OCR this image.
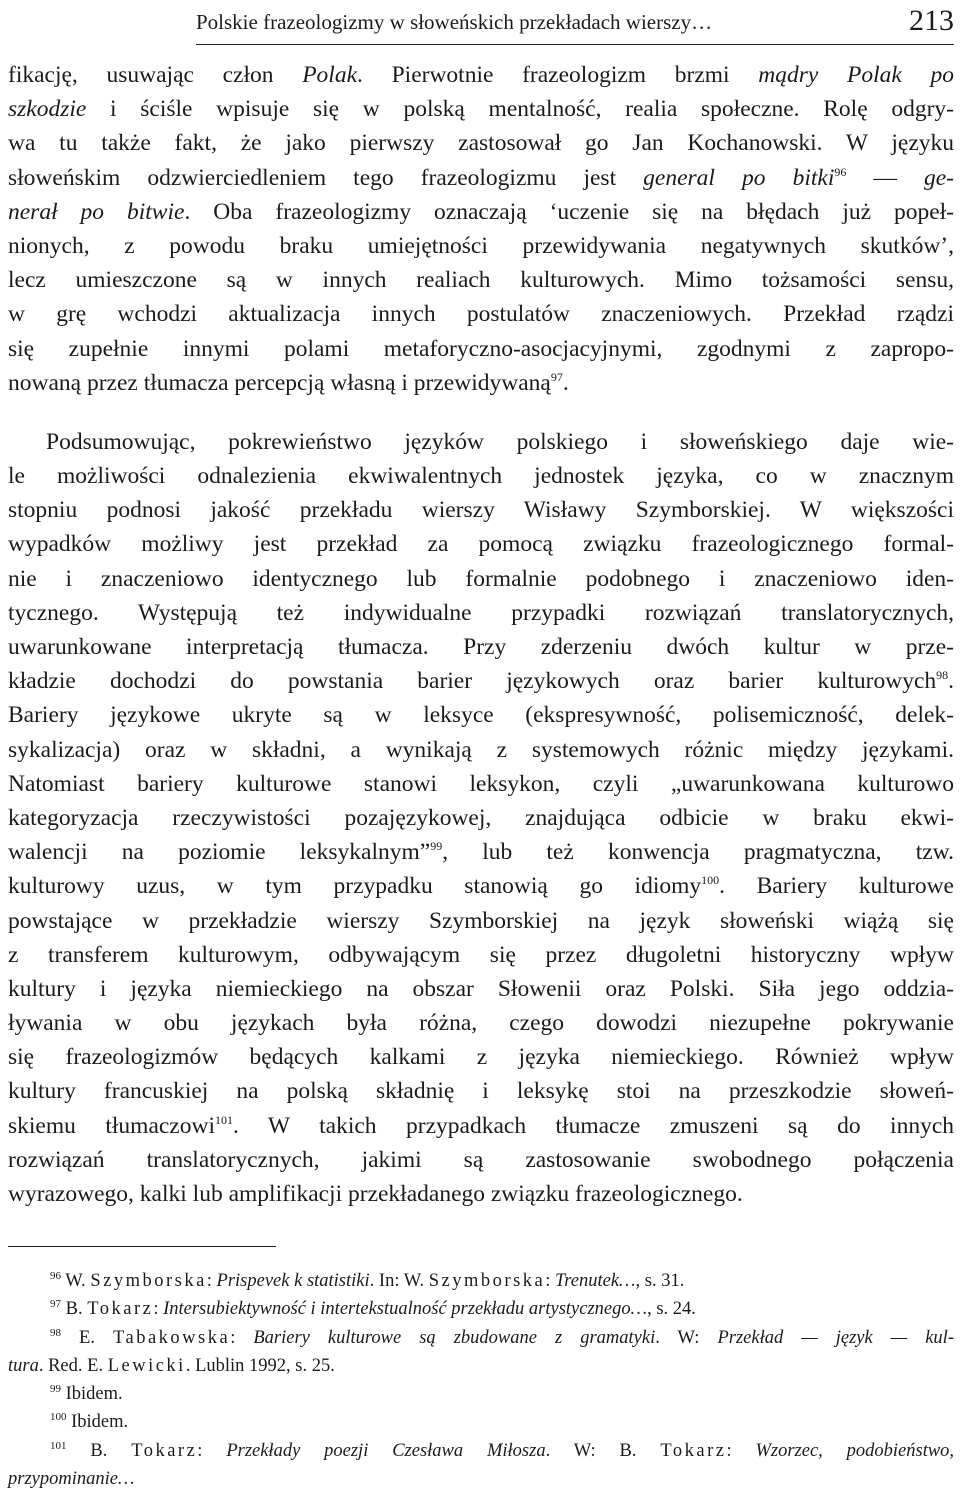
Polskie frazeologizmy w słoweńskich przekładach wierszy…	213
fikację, usuwając człon Polak. Pierwotnie frazeologizm brzmi mądry Polak po
szkodzie i ściśle wpisuje się w polską mentalność, realia społeczne. Rolę odgry-
wa tu także fakt, że jako pierwszy zastosował go Jan Kochanowski. W języku
słoweńskim odzwierciedleniem tego frazeologizmu jest general po bitki$^{96}$ — ge-
nerał po bitwie. Oba frazeologizmy oznaczają ‘uczenie się na błędach już popeł-
nionych, z powodu braku umiejętności przewidywania negatywnych skutków’,
lecz umieszczone są w innych realiach kulturowych. Mimo tożsamości sensu,
w grę wchodzi aktualizacja innych postulatów znaczeniowych. Przekład rządzi
się zupełnie innymi polami metaforyczno-asocjacyjnymi, zgodnymi z zapropo-
nowaną przez tłumacza percepcją własną i przewidywaną$^{97}$.
Podsumowując, pokrewieństwo języków polskiego i słoweńskiego daje wie-
le możliwości odnalezienia ekwiwalentnych jednostek języka, co w znacznym
stopniu podnosi jakość przekładu wierszy Wisławy Szymborskiej. W większości
wypadków możliwy jest przekład za pomocą związku frazeologicznego formal-
nie i znaczeniowo identycznego lub formalnie podobnego i znaczeniowo iden-
tycznego. Występują też indywidualne przypadki rozwiązań translatorycznych,
uwarunkowane interpretacją tłumacza. Przy zderzeniu dwóch kultur w prze-
kładzie dochodzi do powstania barier językowych oraz barier kulturowych$^{98}$.
Bariery językowe ukryte są w leksyce (ekspresywność, polisemiczność, delek-
sykalizacja) oraz w składni, a wynikają z systemowych różnic między językami.
Natomiast bariery kulturowe stanowi leksykon, czyli „uwarunkowana kulturowo
kategoryzacja rzeczywistości pozajęzykowej, znajdująca odbicie w braku ekwi-
walencji na poziomie leksykalnym”$^{99}$, lub też konwencja pragmatyczna, tzw.
kulturowy uzus, w tym przypadku stanowią go idiomy$^{100}$. Bariery kulturowe
powstające w przekładzie wierszy Szymborskiej na język słoweński wiążą się
z transferem kulturowym, odbywającym się przez długoletni historyczny wpływ
kultury i języka niemieckiego na obszar Słowenii oraz Polski. Siła jego oddzia-
ływania w obu językach była różna, czego dowodzi niezupełne pokrywanie
się frazeologizmów będących kalkami z języka niemieckiego. Również wpływ
kultury francuskiej na polską składnię i leksykę stoi na przeszkodzie słoweń-
skiemu tłumaczowi$^{101}$. W takich przypadkach tłumacze zmuszeni są do innych
rozwiązań translatorycznych, jakimi są zastosowanie swobodnego połączenia
wyrazowego, kalki lub amplifikacji przekładanego związku frazeologicznego.
$^{96}$ W. Szymborska: Prispevek k statistiki. In: W. Szymborska: Trenutek…, s. 31.
$^{97}$ B. Tokarz: Intersubiektywność i intertekstualność przekładu artystycznego…, s. 24.
$^{98}$ E. Tabakowska: Bariery kulturowe są zbudowane z gramatyki. W: Przekład — język — kul-
tura. Red. E. Lewicki. Lublin 1992, s. 25.
$^{99}$ Ibidem.
$^{100}$ Ibidem.
$^{101}$ B. Tokarz: Przekłady poezji Czesława Miłosza. W: B. Tokarz: Wzorzec, podobieństwo,
przypominanie…
